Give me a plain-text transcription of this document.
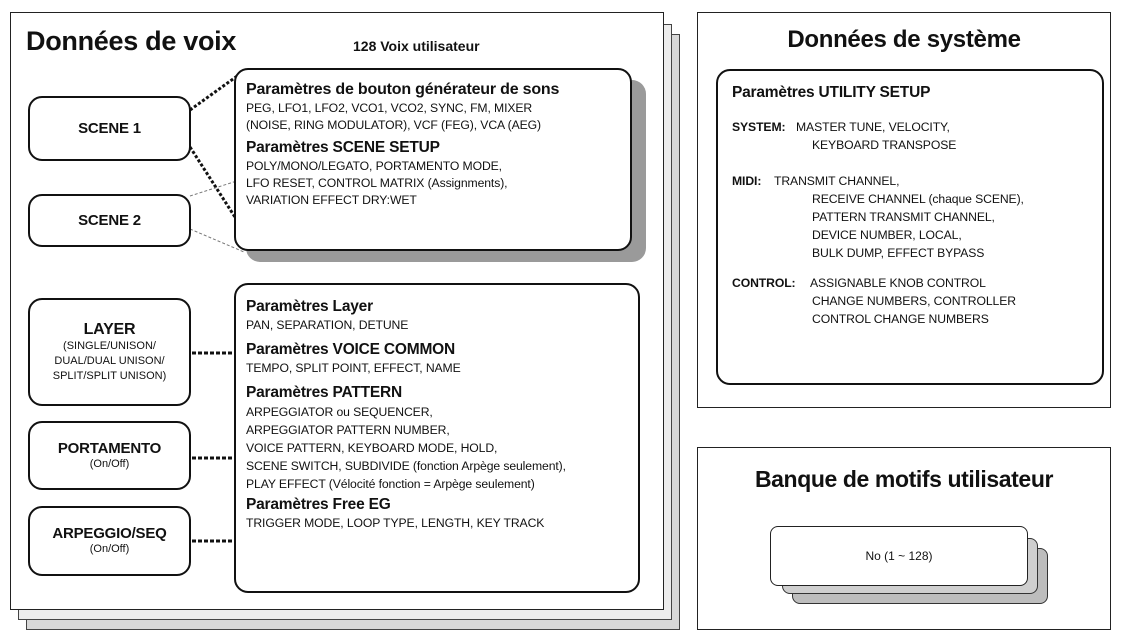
Données de voix	128 Voix utilisateur
SCENE 1
SCENE 2
Paramètres de bouton générateur de sons
PEG, LFO1, LFO2, VCO1, VCO2, SYNC, FM, MIXER
(NOISE, RING MODULATOR), VCF (FEG), VCA (AEG)
Paramètres SCENE SETUP
POLY/MONO/LEGATO, PORTAMENTO MODE,
LFO RESET, CONTROL MATRIX (Assignments),
VARIATION EFFECT DRY:WET
LAYER
(SINGLE/UNISON/
DUAL/DUAL UNISON/
SPLIT/SPLIT UNISON)
PORTAMENTO
(On/Off)
ARPEGGIO/SEQ
(On/Off)
Paramètres Layer
PAN, SEPARATION, DETUNE
Paramètres VOICE COMMON
TEMPO, SPLIT POINT, EFFECT, NAME
Paramètres PATTERN
ARPEGGIATOR ou SEQUENCER,
ARPEGGIATOR PATTERN NUMBER,
VOICE PATTERN, KEYBOARD MODE, HOLD,
SCENE SWITCH, SUBDIVIDE (fonction Arpège seulement),
PLAY EFFECT (Vélocité fonction = Arpège seulement)
Paramètres Free EG
TRIGGER MODE, LOOP TYPE, LENGTH, KEY TRACK
Données de système
Paramètres UTILITY SETUP
SYSTEM: MASTER TUNE, VELOCITY,
KEYBOARD TRANSPOSE
MIDI: TRANSMIT CHANNEL,
RECEIVE CHANNEL (chaque SCENE),
PATTERN TRANSMIT CHANNEL,
DEVICE NUMBER, LOCAL,
BULK DUMP, EFFECT BYPASS
CONTROL: ASSIGNABLE KNOB CONTROL
CHANGE NUMBERS, CONTROLLER
CONTROL CHANGE NUMBERS
Banque de motifs utilisateur
No (1 ~ 128)
